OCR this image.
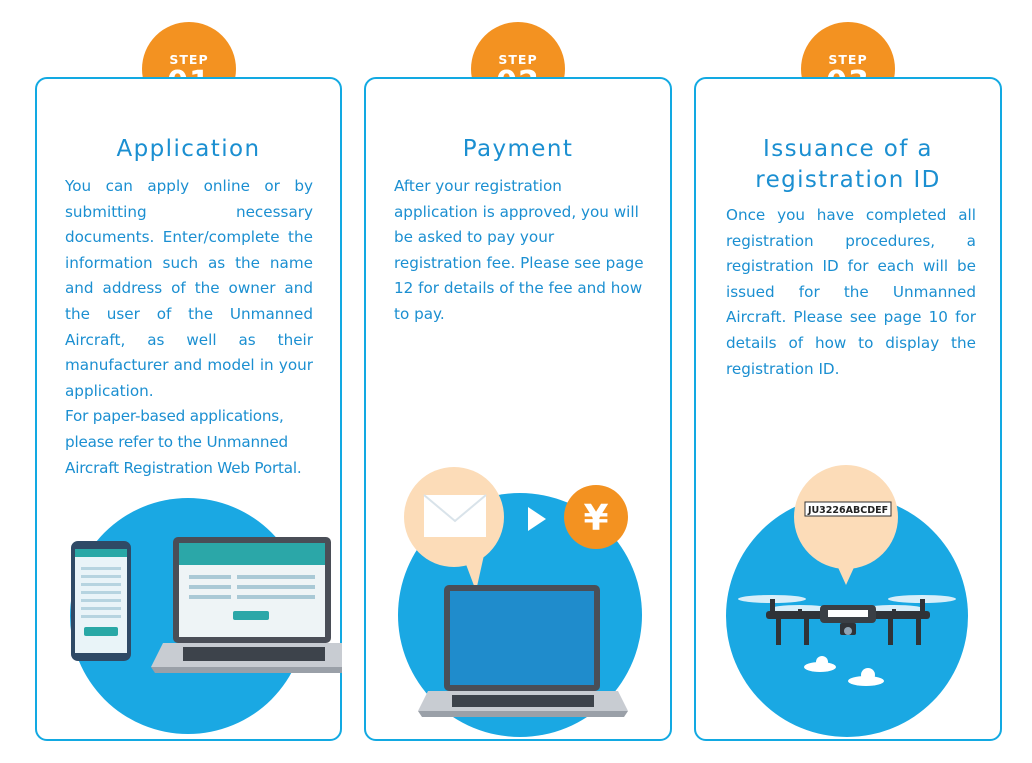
STEP	STEP	STEP
Application

You can apply online or by submitting necessary documents. Enter/complete the information such as the name and address of the owner and the user of the Unmanned Aircraft, as well as their manufacturer and model in your application.

For paper-based applications, please refer to the Unmanned Aircraft Registration Web Portal.

Payment

After your registration application is approved, you will be asked to pay your registration fee. Please see page 12 for details of the fee and how to pay.

¥
Issuance of a
registration ID

Once you have completed all registration procedures, a registration ID for each will be issued for the Unmanned Aircraft. Please see page 10 for details of how to display the registration ID.

JU3226ABCDEF
